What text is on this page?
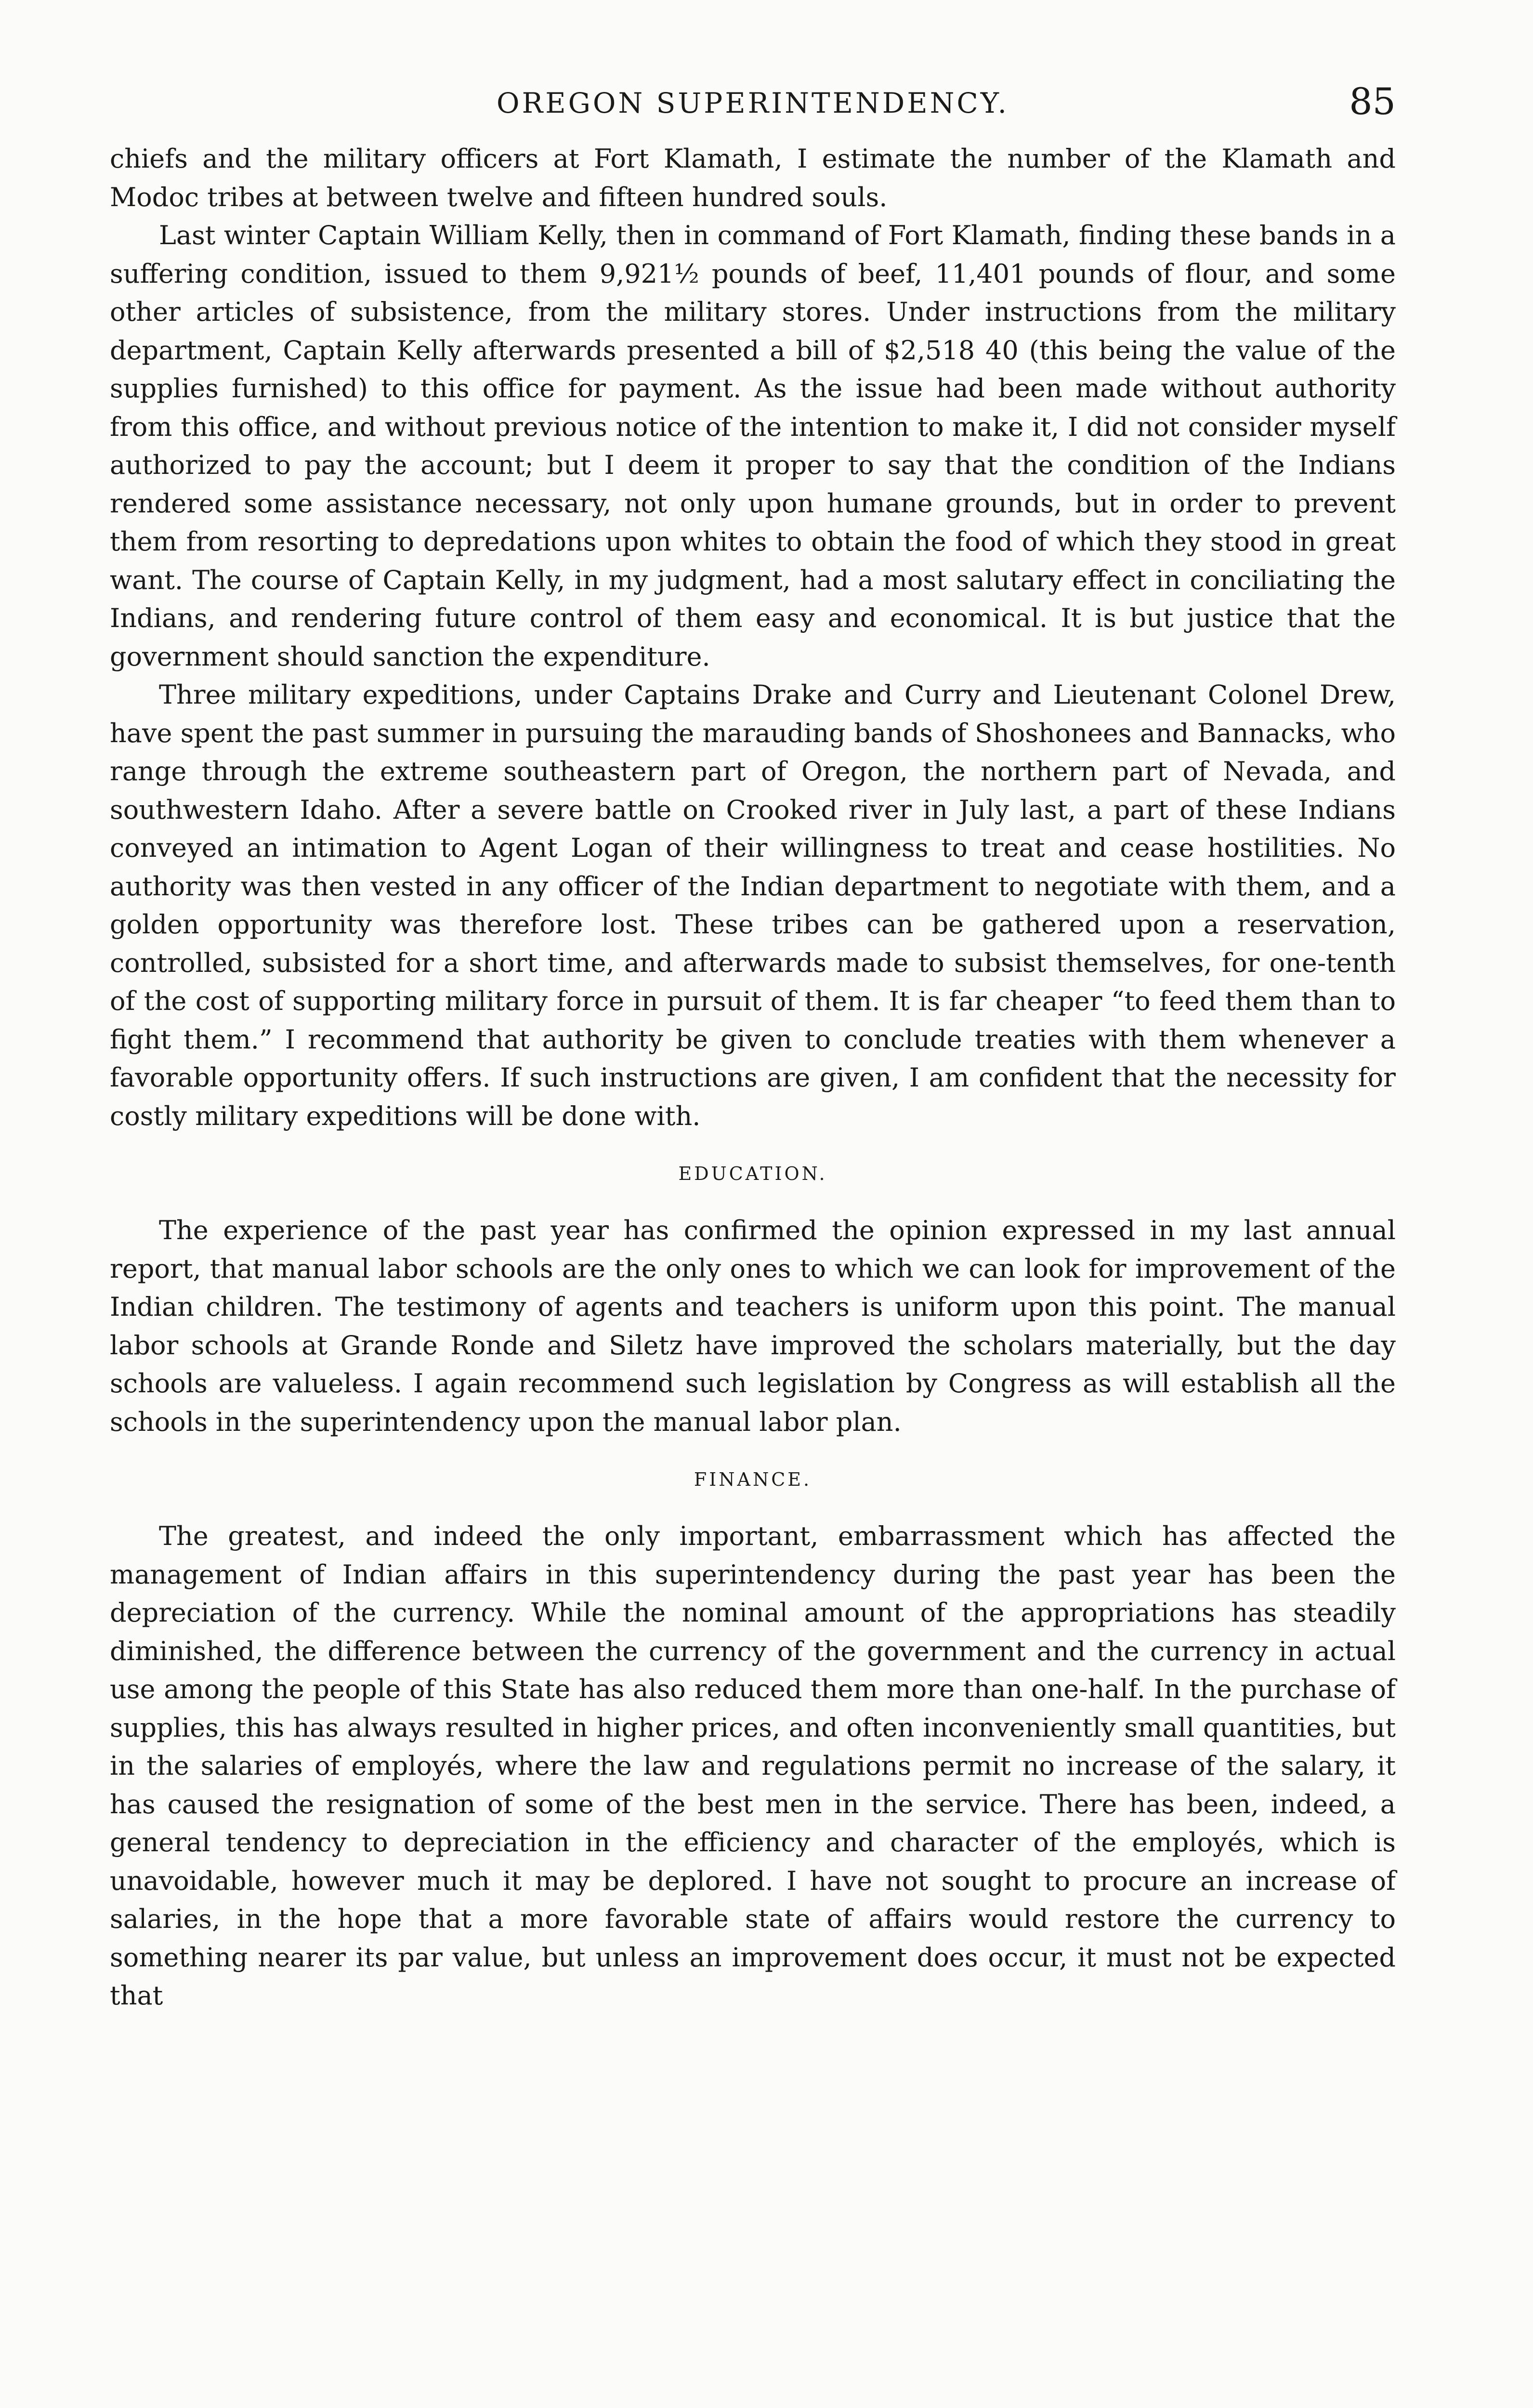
OREGON SUPERINTENDENCY.	85

chiefs and the military officers at Fort Klamath, I estimate the number of the Klamath and Modoc tribes at between twelve and fifteen hundred souls.

Last winter Captain William Kelly, then in command of Fort Klamath, finding these bands in a suffering condition, issued to them 9,921½ pounds of beef, 11,401 pounds of flour, and some other articles of subsistence, from the military stores. Under instructions from the military department, Captain Kelly afterwards presented a bill of $2,518 40 (this being the value of the supplies furnished) to this office for payment. As the issue had been made without authority from this office, and without previous notice of the intention to make it, I did not consider myself authorized to pay the account; but I deem it proper to say that the condition of the Indians rendered some assistance necessary, not only upon humane grounds, but in order to prevent them from resorting to depredations upon whites to obtain the food of which they stood in great want. The course of Captain Kelly, in my judgment, had a most salutary effect in conciliating the Indians, and rendering future control of them easy and economical. It is but justice that the government should sanction the expenditure.

Three military expeditions, under Captains Drake and Curry and Lieutenant Colonel Drew, have spent the past summer in pursuing the marauding bands of Shoshonees and Bannacks, who range through the extreme southeastern part of Oregon, the northern part of Nevada, and southwestern Idaho. After a severe battle on Crooked river in July last, a part of these Indians conveyed an intimation to Agent Logan of their willingness to treat and cease hostilities. No authority was then vested in any officer of the Indian department to negotiate with them, and a golden opportunity was therefore lost. These tribes can be gathered upon a reservation, controlled, subsisted for a short time, and afterwards made to subsist themselves, for one-tenth of the cost of supporting military force in pursuit of them. It is far cheaper “to feed them than to fight them.” I recommend that authority be given to conclude treaties with them whenever a favorable opportunity offers. If such instructions are given, I am confident that the necessity for costly military expeditions will be done with.

EDUCATION.

The experience of the past year has confirmed the opinion expressed in my last annual report, that manual labor schools are the only ones to which we can look for improvement of the Indian children. The testimony of agents and teachers is uniform upon this point. The manual labor schools at Grande Ronde and Siletz have improved the scholars materially, but the day schools are valueless. I again recommend such legislation by Congress as will establish all the schools in the superintendency upon the manual labor plan.

FINANCE.

The greatest, and indeed the only important, embarrassment which has affected the management of Indian affairs in this superintendency during the past year has been the depreciation of the currency. While the nominal amount of the appropriations has steadily diminished, the difference between the currency of the government and the currency in actual use among the people of this State has also reduced them more than one-half. In the purchase of supplies, this has always resulted in higher prices, and often inconveniently small quantities, but in the salaries of employés, where the law and regulations permit no increase of the salary, it has caused the resignation of some of the best men in the service. There has been, indeed, a general tendency to depreciation in the efficiency and character of the employés, which is unavoidable, however much it may be deplored. I have not sought to procure an increase of salaries, in the hope that a more favorable state of affairs would restore the currency to something nearer its par value, but unless an improvement does occur, it must not be expected that
